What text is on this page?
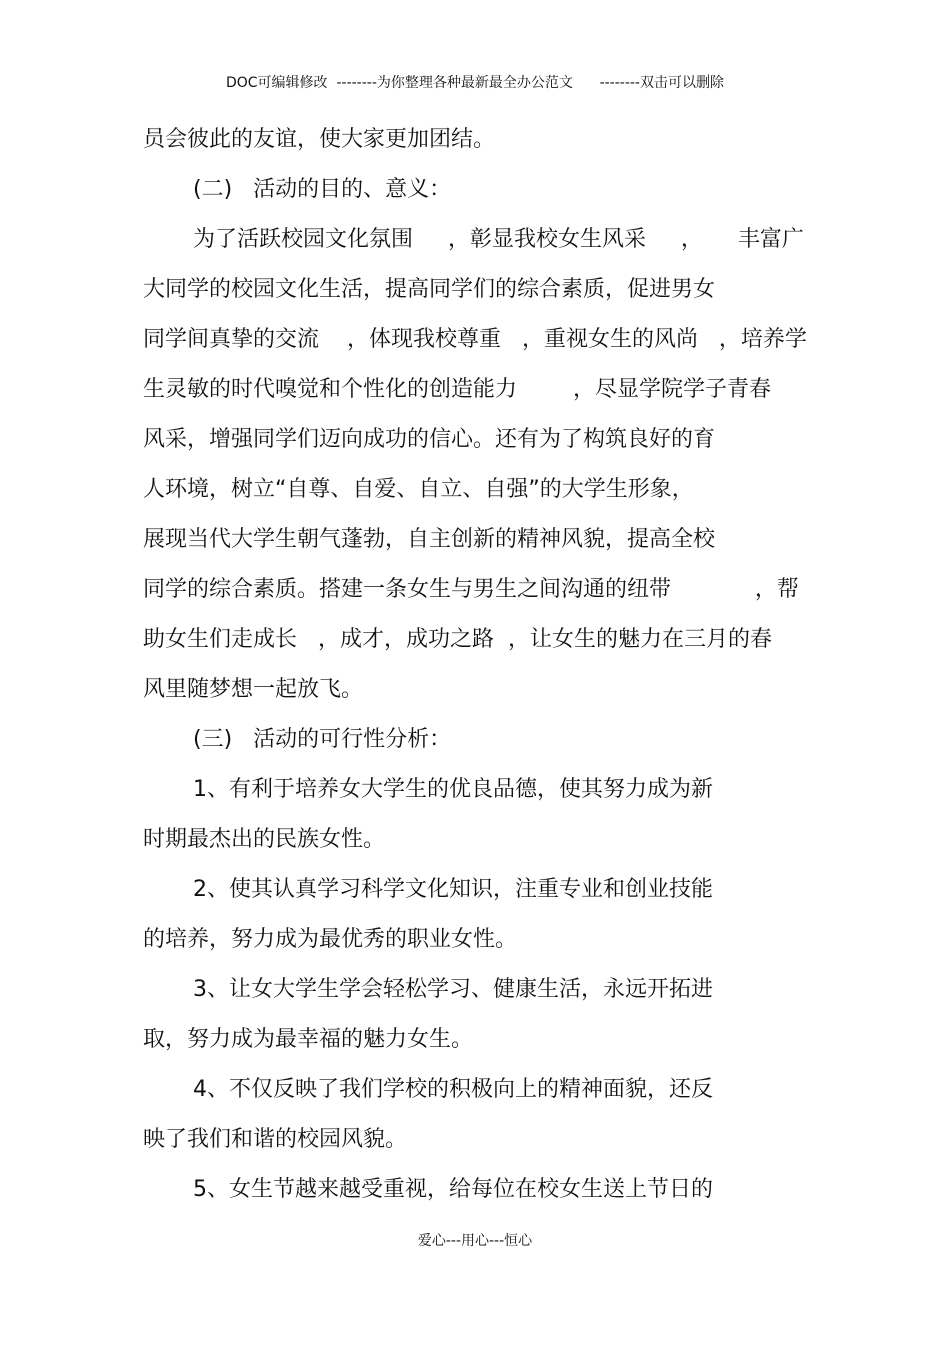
DOC可编辑修改  --------为你整理各种最新最全办公范文      --------双击可以删除
员会彼此的友谊，使大家更加团结。
(二)   活动的目的、意义：
为了活跃校园文化氛围     ，彰显我校女生风采     ，     丰富广
大同学的校园文化生活，提高同学们的综合素质，促进男女
同学间真挚的交流    ，体现我校尊重   ，重视女生的风尚   ，培养学
生灵敏的时代嗅觉和个性化的创造能力        ，尽显学院学子青春
风采，增强同学们迈向成功的信心。还有为了构筑良好的育
人环境，树立“自尊、自爱、自立、自强”的大学生形象，
展现当代大学生朝气蓬勃，自主创新的精神风貌，提高全校
同学的综合素质。搭建一条女生与男生之间沟通的纽带            ，帮
助女生们走成长   ，成才，成功之路  ，让女生的魅力在三月的春
风里随梦想一起放飞。
(三)   活动的可行性分析：
1、有利于培养女大学生的优良品德，使其努力成为新
时期最杰出的民族女性。
2、使其认真学习科学文化知识，注重专业和创业技能
的培养，努力成为最优秀的职业女性。
3、让女大学生学会轻松学习、健康生活，永远开拓进
取，努力成为最幸福的魅力女生。
4、不仅反映了我们学校的积极向上的精神面貌，还反
映了我们和谐的校园风貌。
5、女生节越来越受重视，给每位在校女生送上节日的
爱心---用心---恒心
